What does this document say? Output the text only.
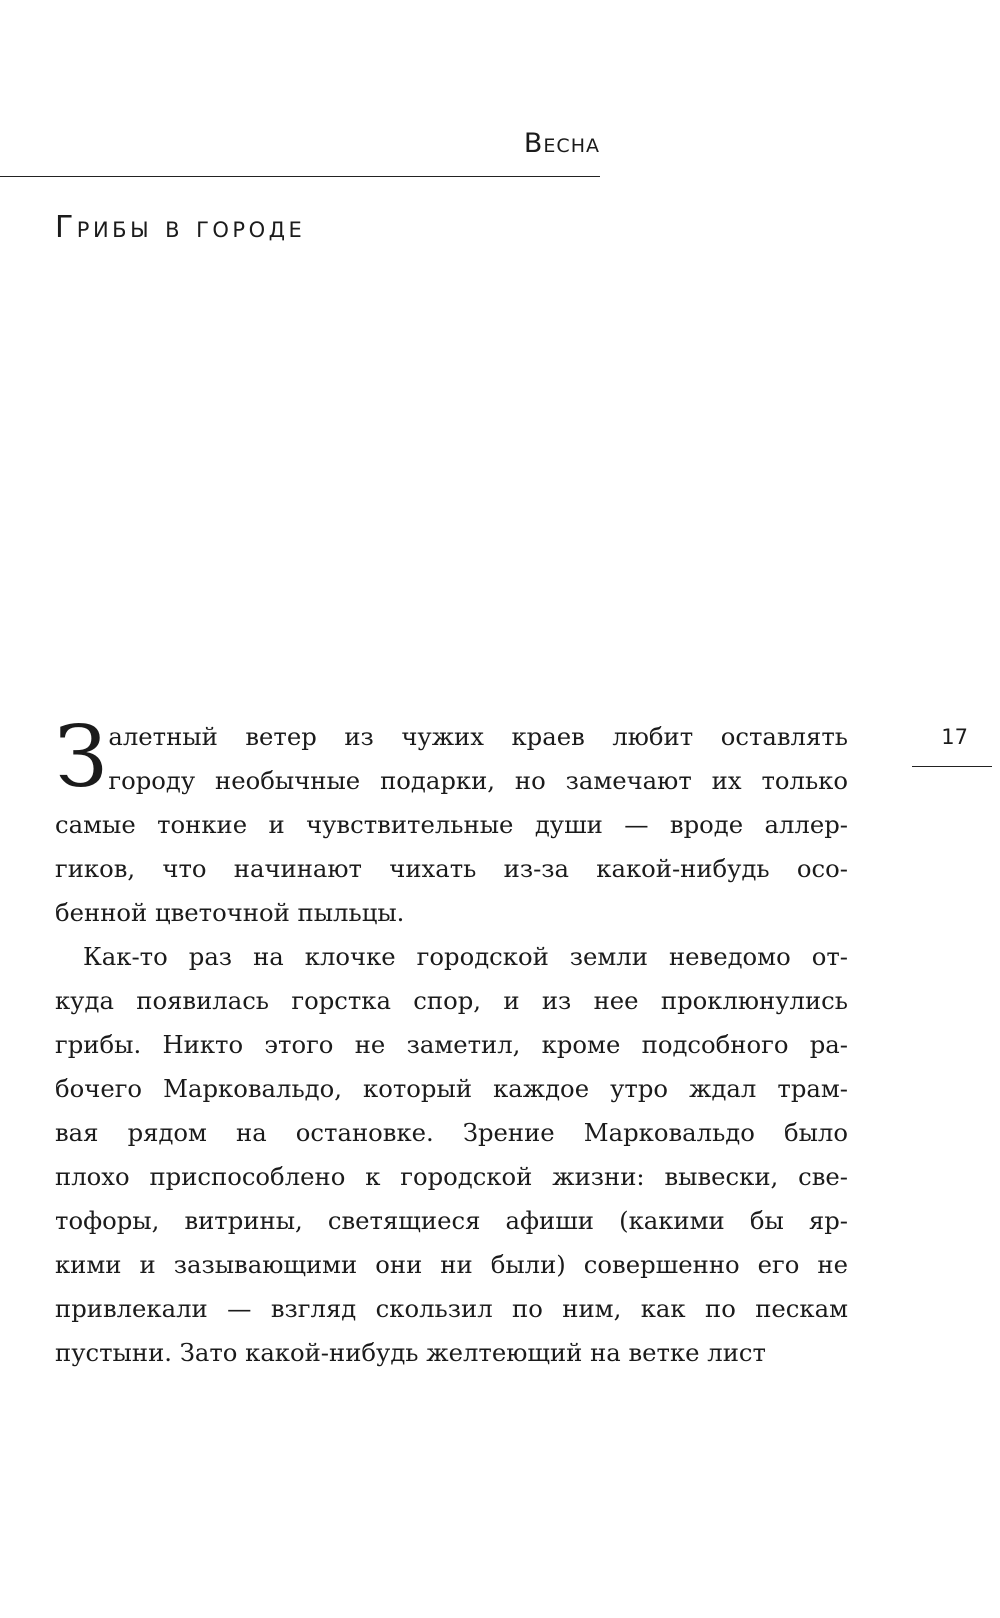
Весна
Грибы в городе
17

З алетный ветер из чужих краев любит оставлять
городу необычные подарки, но замечают их только
самые тонкие и чувствительные души — вроде аллер-
гиков, что начинают чихать из-за какой-нибудь осо-
бенной цветочной пыльцы.

Как-то раз на клочке городской земли неведомо от-
куда появилась горстка спор, и из нее проклюнулись
грибы. Никто этого не заметил, кроме подсобного ра-
бочего Марковальдо, который каждое утро ждал трам-
вая рядом на остановке. Зрение Марковальдо было
плохо приспособлено к городской жизни: вывески, све-
тофоры, витрины, светящиеся афиши (какими бы яр-
кими и зазывающими они ни были) совершенно его не
привлекали — взгляд скользил по ним, как по пескам
пустыни. Зато какой-нибудь желтеющий на ветке лист
